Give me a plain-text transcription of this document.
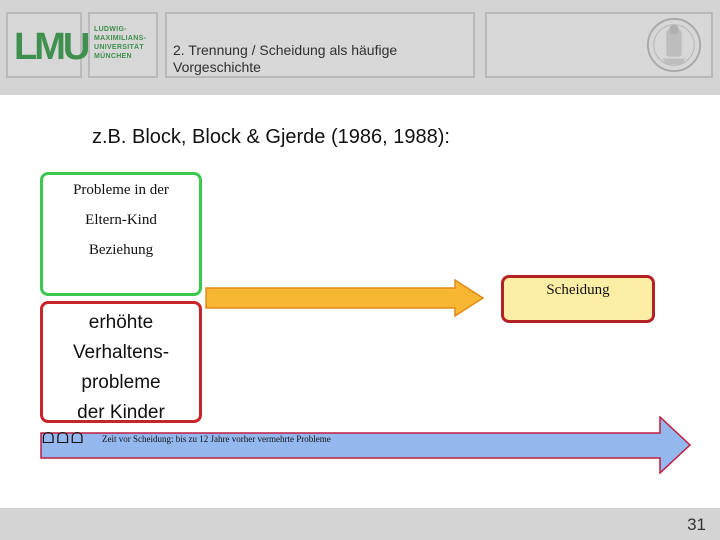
LMU LUDWIG-
MAXIMILIANS-
UNIVERSITÄT
MÜNCHEN	2. Trennung / Scheidung als häufige
Vorgeschichte
z.B. Block, Block & Gjerde (1986, 1988):
Probleme in der
Eltern-Kind
Beziehung
erhöhte
Verhaltens-
probleme
der Kinder
Scheidung
ᗝᗝᗝ Zeit vor Scheidung: bis zu 12 Jahre vorher vermehrte Probleme
31
